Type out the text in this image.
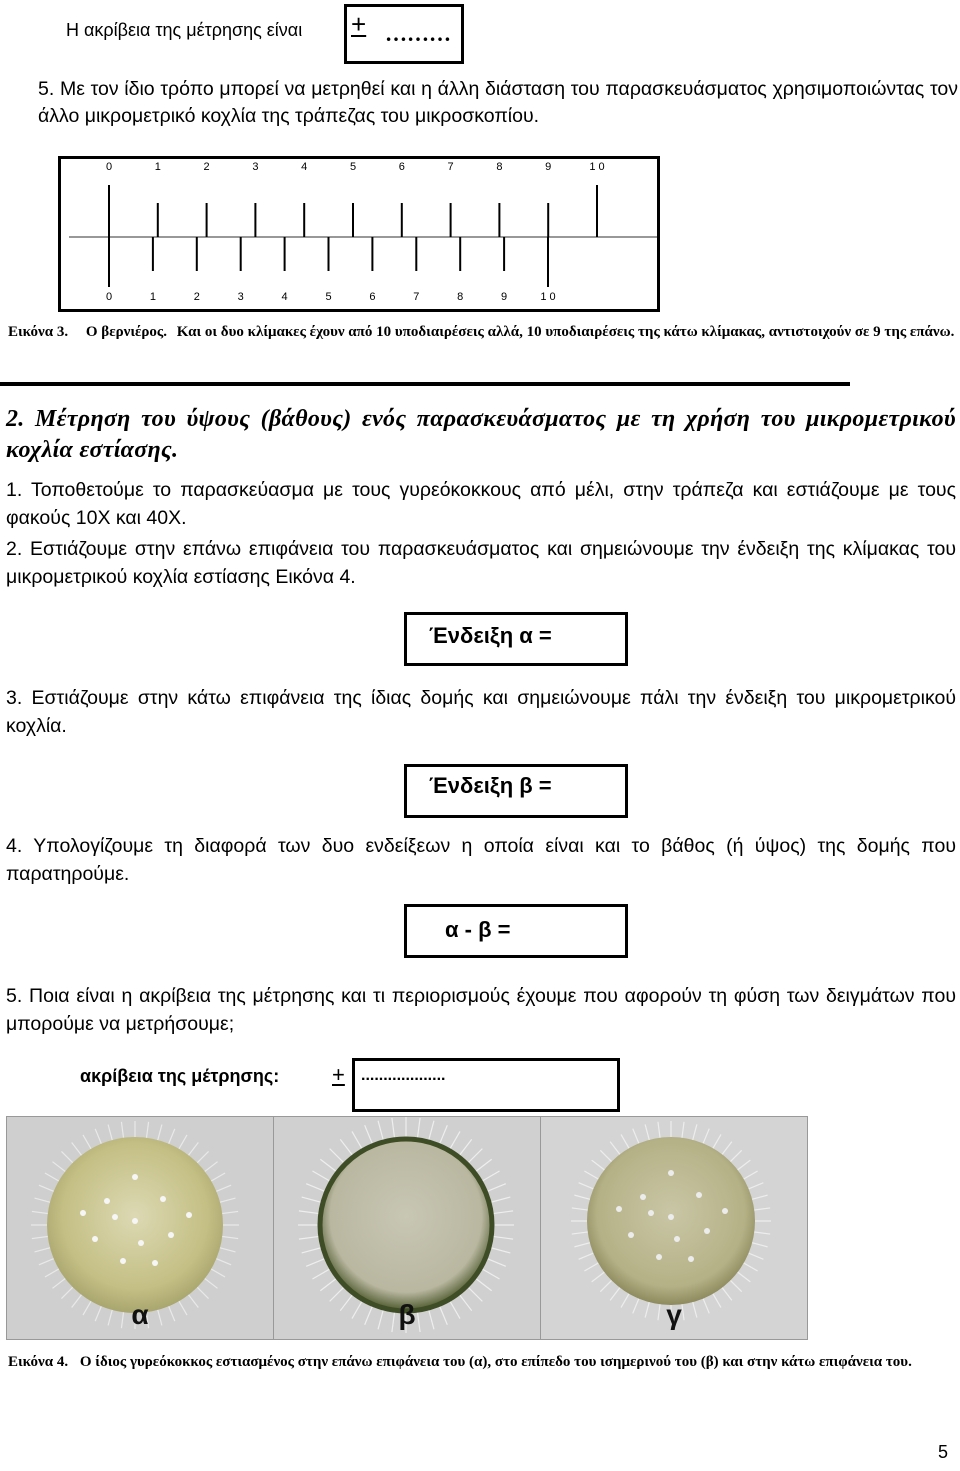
Η ακρίβεια της μέτρησης είναι + ………
5. Με τον ίδιο τρόπο μπορεί να μετρηθεί και η άλλη διάσταση του παρασκευάσματος χρησιμοποιώντας τον άλλο μικρομετρικό κοχλία της τράπεζας του μικροσκοπίου.
0	1	2	3	4	5	6	7	8	9	1 0
0	1	2	3	4	5	6	7	8	9	1 0
Εικόνα 3. Ο βερνιέρος. Και οι δυο κλίμακες έχουν από 10 υποδιαιρέσεις αλλά, 10 υποδιαιρέσεις της κάτω κλίμακας, αντιστοιχούν σε 9 της επάνω.
2. Μέτρηση του ύψους (βάθους) ενός παρασκευάσματος με τη χρήση του μικρομετρικού κοχλία εστίασης.
1. Τοποθετούμε το παρασκεύασμα με τους γυρεόκοκκους από μέλι, στην τράπεζα και εστιάζουμε με τους φακούς 10Χ και 40Χ.
2. Εστιάζουμε στην επάνω επιφάνεια του παρασκευάσματος και σημειώνουμε την ένδειξη της κλίμακας του μικρομετρικού κοχλία εστίασης Εικόνα 4.
Ένδειξη α =
3. Εστιάζουμε στην κάτω επιφάνεια της ίδιας δομής και σημειώνουμε πάλι την ένδειξη του μικρομετρικού κοχλία.
Ένδειξη β =
4. Υπολογίζουμε τη διαφορά των δυο ενδείξεων η οποία είναι και το βάθος (ή ύψος) της δομής που παρατηρούμε.
α - β =
5. Ποια είναι η ακρίβεια της μέτρησης και τι περιορισμούς έχουμε που αφορούν τη φύση των δειγμάτων που μπορούμε να μετρήσουμε;
ακρίβεια της μέτρησης: + ...................
α	β	γ
Εικόνα 4. Ο ίδιος γυρεόκοκκος εστιασμένος στην επάνω επιφάνεια του (α), στο επίπεδο του ισημερινού του (β) και στην κάτω επιφάνεια του.
5
